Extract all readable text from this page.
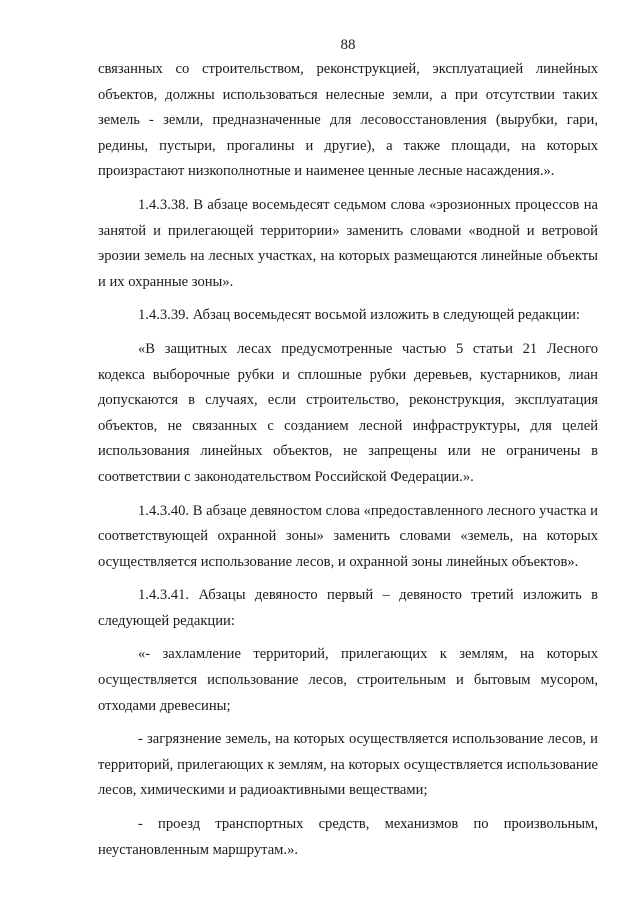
88

связанных со строительством, реконструкцией, эксплуатацией линейных объектов, должны использоваться нелесные земли, а при отсутствии таких земель - земли, предназначенные для лесовосстановления (вырубки, гари, редины, пустыри, прогалины и другие), а также площади, на которых произрастают низкополнотные и наименее ценные лесные насаждения.».

1.4.3.38. В абзаце восемьдесят седьмом слова «эрозионных процессов на занятой и прилегающей территории» заменить словами «водной и ветровой эрозии земель на лесных участках, на которых размещаются линейные объекты и их охранные зоны».

1.4.3.39. Абзац восемьдесят восьмой изложить в следующей редакции:

«В защитных лесах предусмотренные частью 5 статьи 21 Лесного кодекса выборочные рубки и сплошные рубки деревьев, кустарников, лиан допускаются в случаях, если строительство, реконструкция, эксплуатация объектов, не связанных с созданием лесной инфраструктуры, для целей использования линейных объектов, не запрещены или не ограничены в соответствии с законодательством Российской Федерации.».

1.4.3.40. В абзаце девяностом слова «предоставленного лесного участка и соответствующей охранной зоны» заменить словами «земель, на которых осуществляется использование лесов, и охранной зоны линейных объектов».

1.4.3.41. Абзацы девяносто первый – девяносто третий изложить в следующей редакции:

«- захламление территорий, прилегающих к землям, на которых осуществляется использование лесов, строительным и бытовым мусором, отходами древесины;

- загрязнение земель, на которых осуществляется использование лесов, и территорий, прилегающих к землям, на которых осуществляется использование лесов, химическими и радиоактивными веществами;

- проезд транспортных средств, механизмов по произвольным, неустановленным маршрутам.».
